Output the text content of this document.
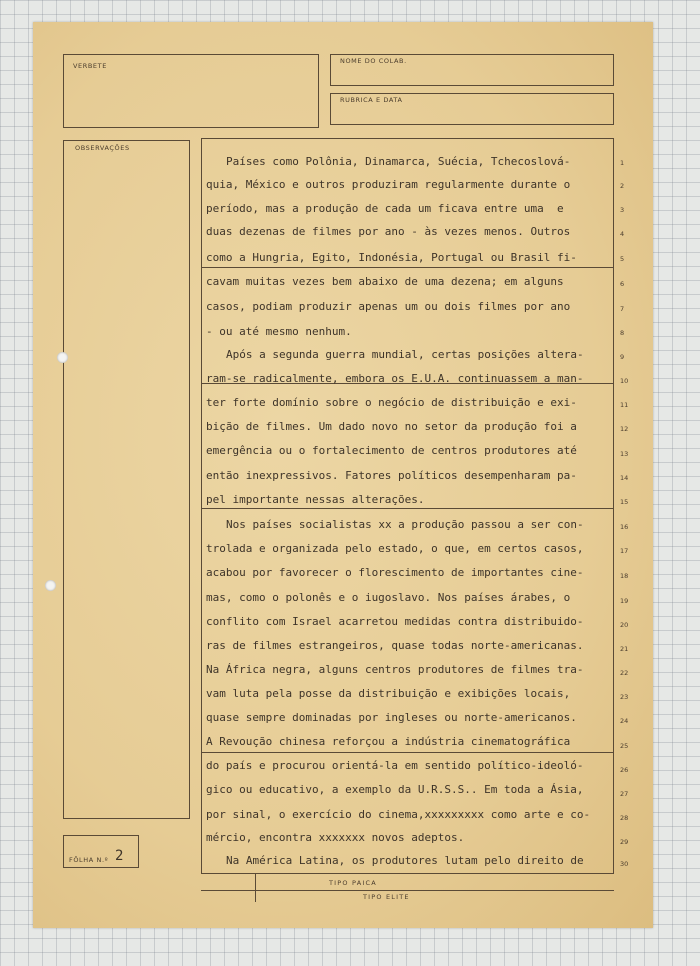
VERBETE
NOME DO COLAB.
RUBRICA E DATA
OBSERVAÇÕES
FÔLHA N.º 2
TIPO PAICA
TIPO ELITE
Países como Polônia, Dinamarca, Suécia, Tchecoslová-
quia, México e outros produziram regularmente durante o
período, mas a produção de cada um ficava entre uma  e
duas dezenas de filmes por ano - às vezes menos. Outros
como a Hungria, Egito, Indonésia, Portugal ou Brasil fi-
cavam muitas vezes bem abaixo de uma dezena; em alguns
casos, podiam produzir apenas um ou dois filmes por ano
- ou até mesmo nenhum.
Após a segunda guerra mundial, certas posições altera-
ram-se radicalmente, embora os E.U.A. continuassem a man-
ter forte domínio sobre o negócio de distribuição e exi-
bição de filmes. Um dado novo no setor da produção foi a
emergência ou o fortalecimento de centros produtores até
então inexpressivos. Fatores políticos desempenharam pa-
pel importante nessas alterações.
Nos países socialistas xx a produção passou a ser con-
trolada e organizada pelo estado, o que, em certos casos,
acabou por favorecer o florescimento de importantes cine-
mas, como o polonês e o iugoslavo. Nos países árabes, o
conflito com Israel acarretou medidas contra distribuido-
ras de filmes estrangeiros, quase todas norte-americanas.
Na África negra, alguns centros produtores de filmes tra-
vam luta pela posse da distribuição e exibições locais,
quase sempre dominadas por ingleses ou norte-americanos.
A Revoução chinesa reforçou a indústria cinematográfica
do país e procurou orientá-la em sentido político-ideoló-
gico ou educativo, a exemplo da U.R.S.S.. Em toda a Ásia,
por sinal, o exercício do cinema,xxxxxxxxx como arte e co-
mércio, encontra xxxxxxx novos adeptos.
Na América Latina, os produtores lutam pelo direito de
1
2
3
4
5
6
7
8
9
10
11
12
13
14
15
16
17
18
19
20
21
22
23
24
25
26
27
28
29
30
